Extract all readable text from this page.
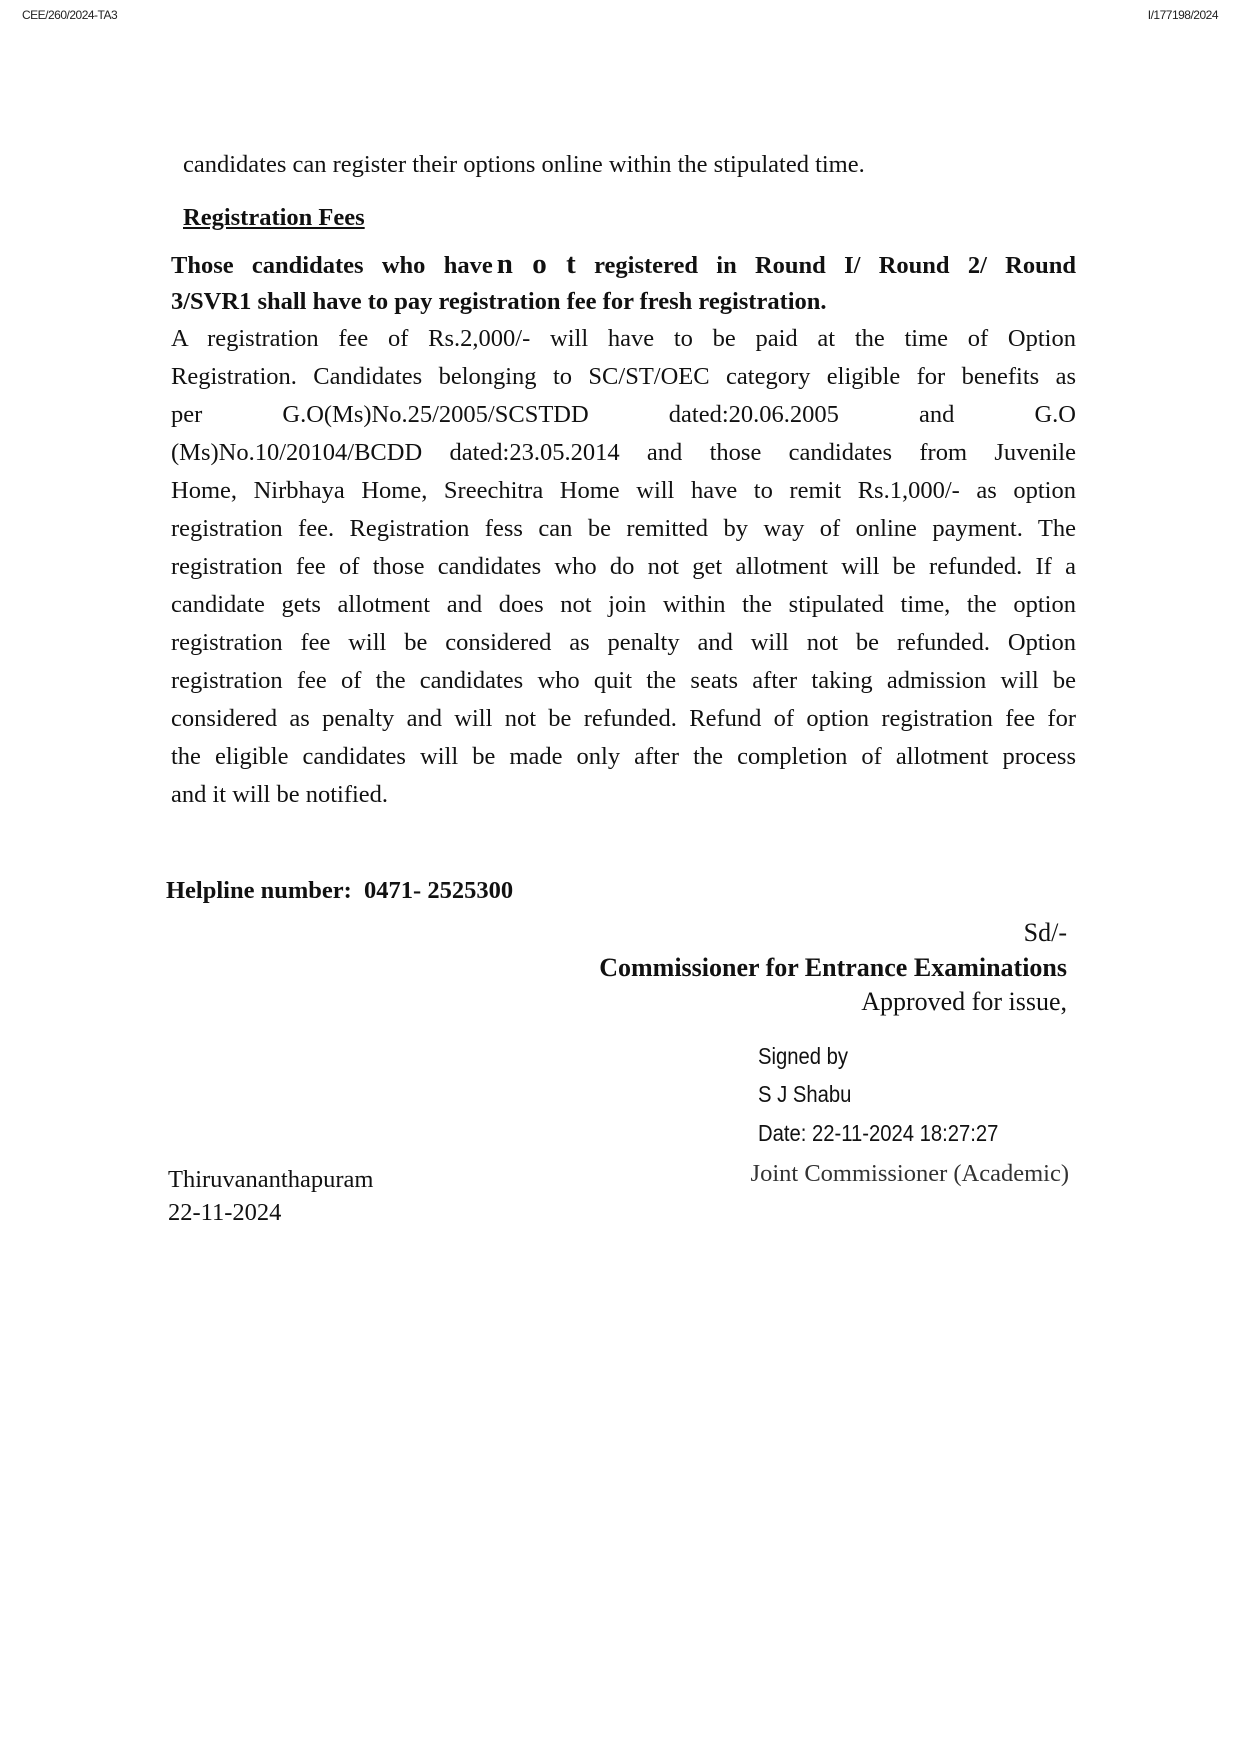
CEE/260/2024-TA3	I/177198/2024
candidates can register their options online within the stipulated time.
Registration Fees
Those candidates who have n o t registered in Round I/ Round 2/ Round
3/SVR1 shall have to pay registration fee for fresh registration.
A registration fee of Rs.2,000/- will have to be paid at the time of Option
Registration. Candidates belonging to SC/ST/OEC category eligible for benefits as
per G.O(Ms)No.25/2005/SCSTDD dated:20.06.2005 and G.O
(Ms)No.10/20104/BCDD dated:23.05.2014 and those candidates from Juvenile
Home, Nirbhaya Home, Sreechitra Home will have to remit Rs.1,000/- as option
registration fee. Registration fess can be remitted by way of online payment. The
registration fee of those candidates who do not get allotment will be refunded. If a
candidate gets allotment and does not join within the stipulated time, the option
registration fee will be considered as penalty and will not be refunded. Option
registration fee of the candidates who quit the seats after taking admission will be
considered as penalty and will not be refunded. Refund of option registration fee for
the eligible candidates will be made only after the completion of allotment process
and it will be notified.
Helpline number: 0471- 2525300
Sd/-
Commissioner for Entrance Examinations
Approved for issue,
Signed by
S J Shabu
Date: 22-11-2024 18:27:27
Joint Commissioner (Academic)
Thiruvananthapuram
22-11-2024
